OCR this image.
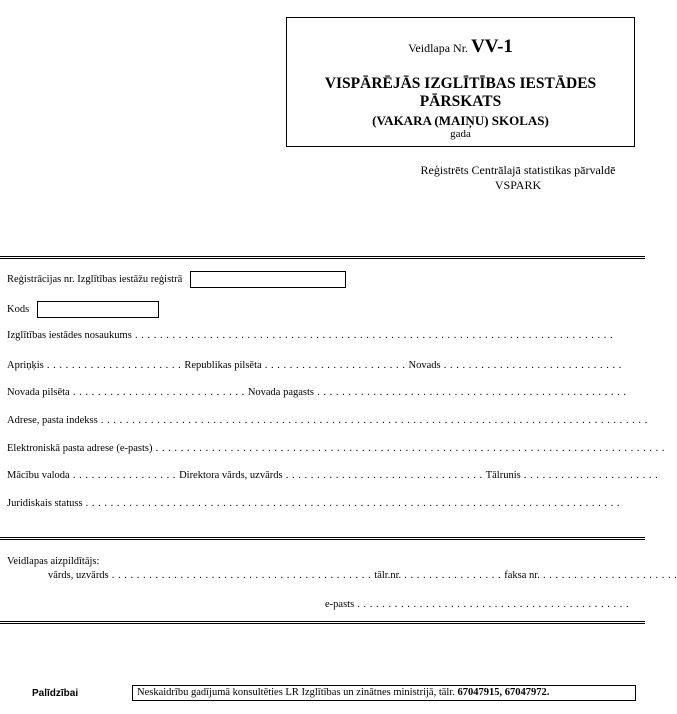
Veidlapa Nr. VV-1
VISPĀRĒJĀS IZGLĪTĪBAS IESTĀDES
PĀRSKATS
(VAKARA (MAIŅU) SKOLAS)
gada
Reģistrēts Centrālajā statistikas pārvaldē
VSPARK
Reģistrācijas nr. Izglītības iestāžu reģistrā
Kods
Izglītības iestādes nosaukums . . . . . . . . . . . . . . . . . . . . . . . . . . . . . . . . . . . . . . . . . . . . . . . . . . . . . . . . . . . . . . . . . . . . . . . . . . . . .
Apriņķis . . . . . . . . . . . . . . . . . . . . . . Republikas pilsēta . . . . . . . . . . . . . . . . . . . . . . . Novads . . . . . . . . . . . . . . . . . . . . . . . . . . . . .
Novada pilsēta . . . . . . . . . . . . . . . . . . . . . . . . . . . . Novada pagasts . . . . . . . . . . . . . . . . . . . . . . . . . . . . . . . . . . . . . . . . . . . . . . . . . .
Adrese, pasta indekss . . . . . . . . . . . . . . . . . . . . . . . . . . . . . . . . . . . . . . . . . . . . . . . . . . . . . . . . . . . . . . . . . . . . . . . . . . . . . . . . . . . . . . . .
Elektroniskā pasta adrese (e-pasts) . . . . . . . . . . . . . . . . . . . . . . . . . . . . . . . . . . . . . . . . . . . . . . . . . . . . . . . . . . . . . . . . . . . . . . . . . . . . . . . . . .
Mācību valoda . . . . . . . . . . . . . . . . . Direktora vārds, uzvārds . . . . . . . . . . . . . . . . . . . . . . . . . . . . . . . . Tālrunis . . . . . . . . . . . . . . . . . . . . . .
Juridiskais statuss . . . . . . . . . . . . . . . . . . . . . . . . . . . . . . . . . . . . . . . . . . . . . . . . . . . . . . . . . . . . . . . . . . . . . . . . . . . . . . . . . . . . . .
Veidlapas aizpildītājs:
vārds, uzvārds . . . . . . . . . . . . . . . . . . . . . . . . . . . . . . . . . . . . . . . . . . tālr.nr. . . . . . . . . . . . . . . . . faksa nr. . . . . . . . . . . . . . . . . . . . . . .
e-pasts . . . . . . . . . . . . . . . . . . . . . . . . . . . . . . . . . . . . . . . . . . . .
Palīdzībai	Neskaidrību gadījumā konsultēties LR Izglītības un zinātnes ministrijā, tālr. 67047915, 67047972.
